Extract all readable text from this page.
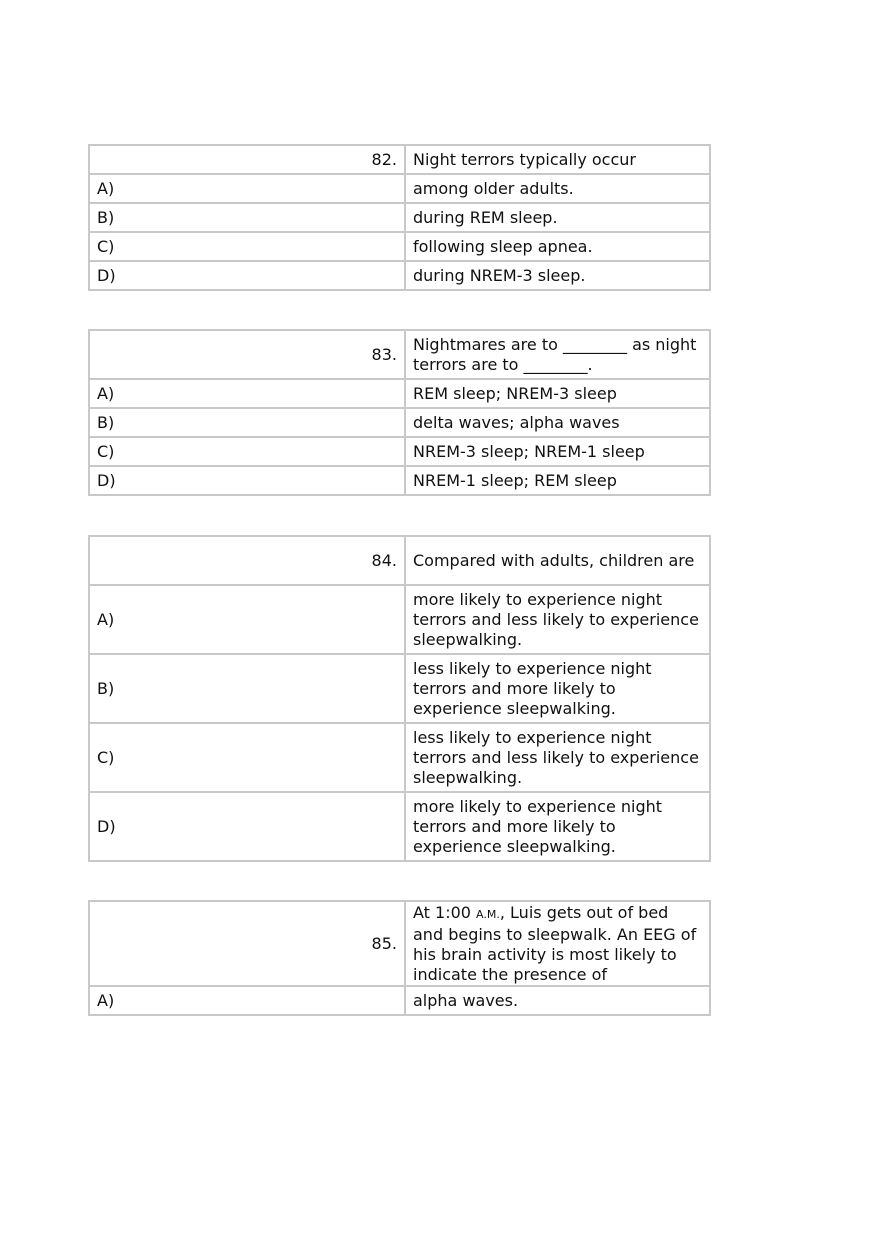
82.	Night terrors typically occur
A)	among older adults.
B)	during REM sleep.
C)	following sleep apnea.
D)	during NREM-3 sleep.
83.	Nightmares are to ________ as night terrors are to ________.
A)	REM sleep; NREM-3 sleep
B)	delta waves; alpha waves
C)	NREM-3 sleep; NREM-1 sleep
D)	NREM-1 sleep; REM sleep
84.	Compared with adults, children are
A)	more likely to experience night terrors and less likely to experience sleepwalking.
B)	less likely to experience night terrors and more likely to experience sleepwalking.
C)	less likely to experience night terrors and less likely to experience sleepwalking.
D)	more likely to experience night terrors and more likely to experience sleepwalking.
85.	At 1:00 A.M., Luis gets out of bed and begins to sleepwalk. An EEG of his brain activity is most likely to indicate the presence of
A)	alpha waves.
